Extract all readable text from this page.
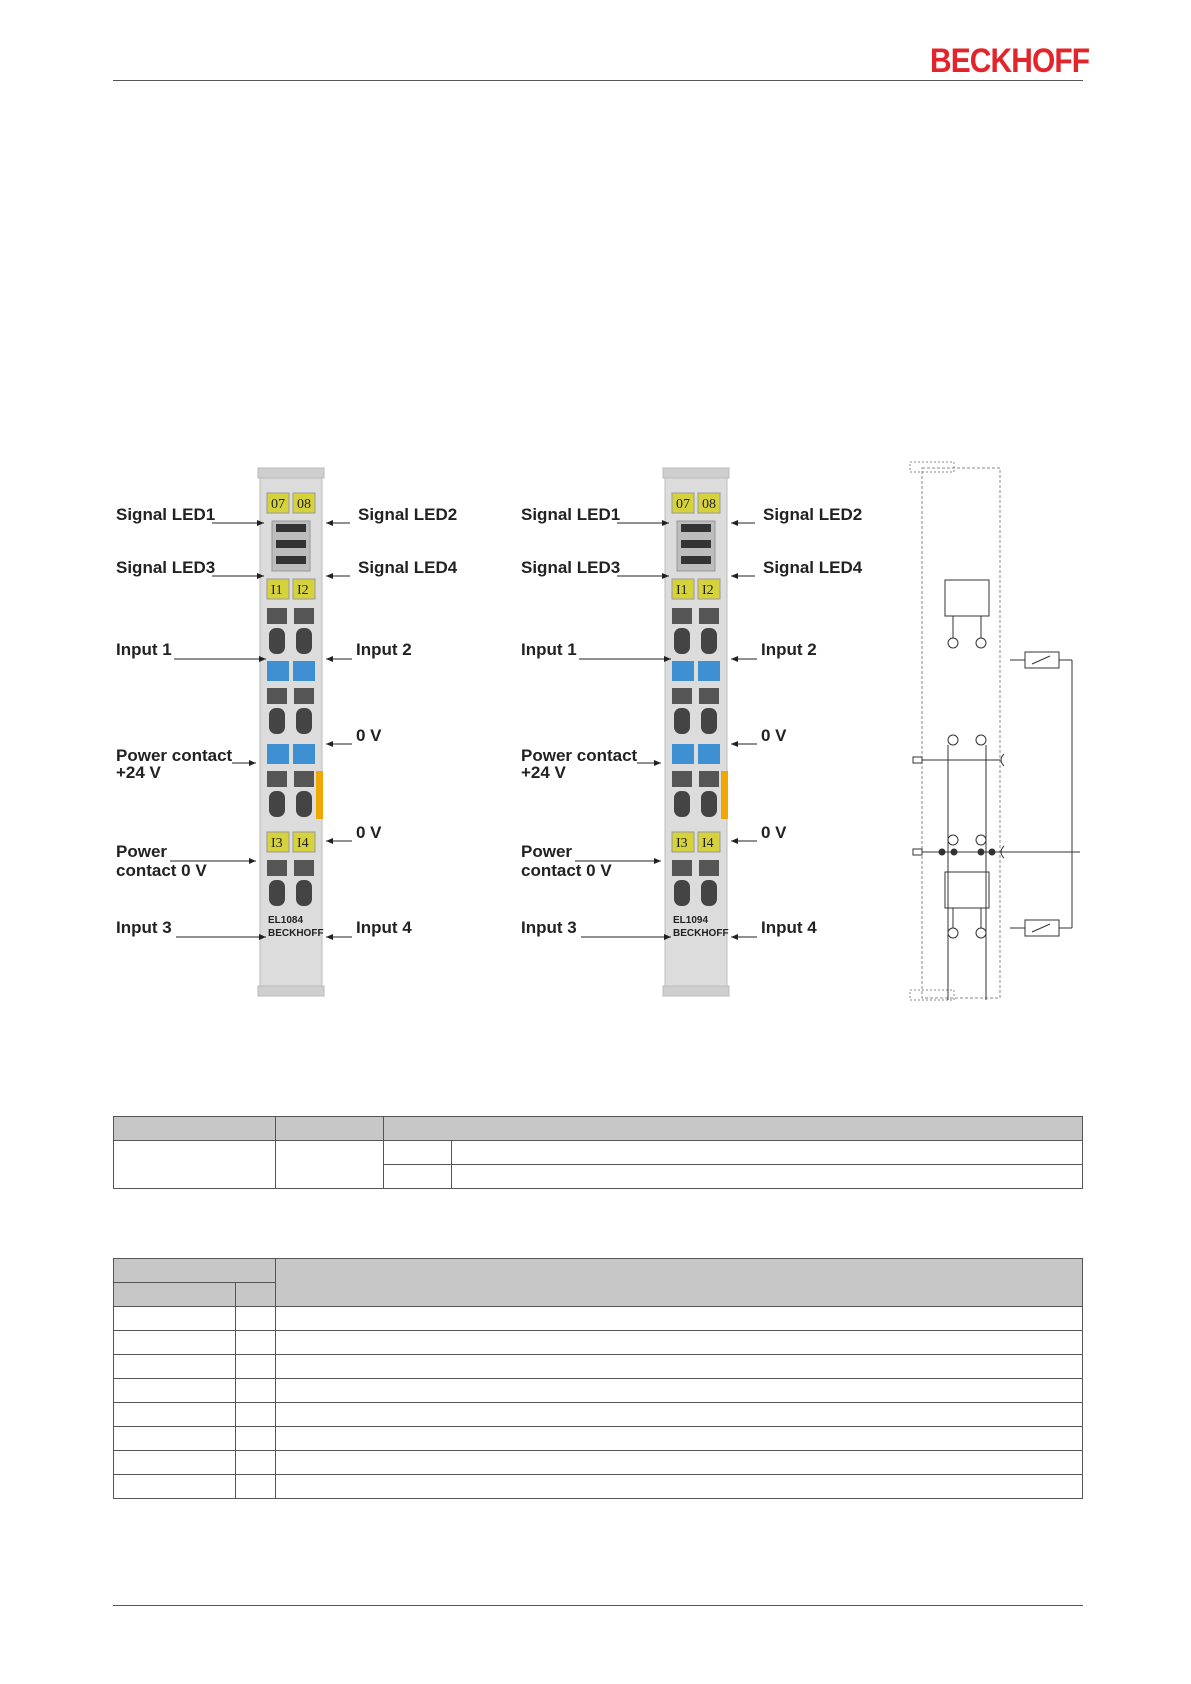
BECKHOFF
07 08
I1 I2
I3 I4
EL1084
BECKHOFF
Signal LED1	Signal LED2
Signal LED3	Signal LED4
Input 1	Input 2
0 V
Power contact
+24 V
0 V
Power
contact 0 V
Input 3	Input 4
07 08
I1 I2
I3 I4
EL1094
BECKHOFF
Signal LED1	Signal LED2
Signal LED3	Signal LED4
Input 1	Input 2
0 V
Power contact
+24 V
0 V
Power
contact 0 V
Input 3	Input 4
